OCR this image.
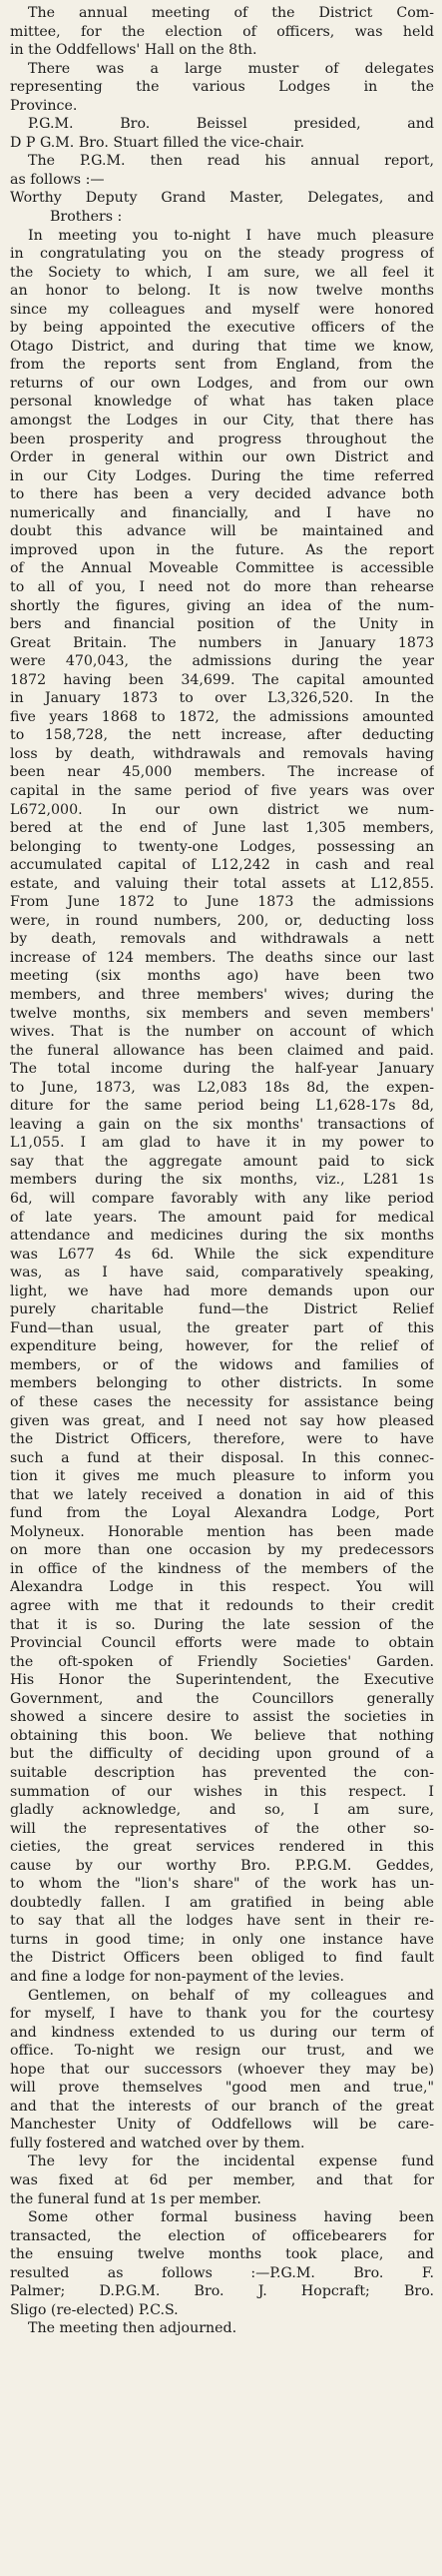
The annual meeting of the District Com-
mittee, for the election of officers, was held
in the Oddfellows' Hall on the 8th.
There was a large muster of delegates
representing the various Lodges in the
Province.
P.G.M. Bro. Beissel presided, and
D P G.M. Bro. Stuart filled the vice-chair.
The P.G.M. then read his annual report,
as follows :—
Worthy Deputy Grand Master, Delegates, and
Brothers :
In meeting you to-night I have much pleasure
in congratulating you on the steady progress of
the Society to which, I am sure, we all feel it
an honor to belong. It is now twelve months
since my colleagues and myself were honored
by being appointed the executive officers of the
Otago District, and during that time we know,
from the reports sent from England, from the
returns of our own Lodges, and from our own
personal knowledge of what has taken place
amongst the Lodges in our City, that there has
been prosperity and progress throughout the
Order in general within our own District and
in our City Lodges. During the time referred
to there has been a very decided advance both
numerically and financially, and I have no
doubt this advance will be maintained and
improved upon in the future. As the report
of the Annual Moveable Committee is accessible
to all of you, I need not do more than rehearse
shortly the figures, giving an idea of the num-
bers and financial position of the Unity in
Great Britain. The numbers in January 1873
were 470,043, the admissions during the year
1872 having been 34,699. The capital amounted
in January 1873 to over L3,326,520. In the
five years 1868 to 1872, the admissions amounted
to 158,728, the nett increase, after deducting
loss by death, withdrawals and removals having
been near 45,000 members. The increase of
capital in the same period of five years was over
L672,000. In our own district we num-
bered at the end of June last 1,305 members,
belonging to twenty-one Lodges, possessing an
accumulated capital of L12,242 in cash and real
estate, and valuing their total assets at L12,855.
From June 1872 to June 1873 the admissions
were, in round numbers, 200, or, deducting loss
by death, removals and withdrawals a nett
increase of 124 members. The deaths since our last
meeting (six months ago) have been two
members, and three members' wives; during the
twelve months, six members and seven members'
wives. That is the number on account of which
the funeral allowance has been claimed and paid.
The total income during the half-year January
to June, 1873, was L2,083 18s 8d, the expen-
diture for the same period being L1,628-17s 8d,
leaving a gain on the six months' transactions of
L1,055. I am glad to have it in my power to
say that the aggregate amount paid to sick
members during the six months, viz., L281 1s
6d, will compare favorably with any like period
of late years. The amount paid for medical
attendance and medicines during the six months
was L677 4s 6d. While the sick expenditure
was, as I have said, comparatively speaking,
light, we have had more demands upon our
purely charitable fund—the District Relief
Fund—than usual, the greater part of this
expenditure being, however, for the relief of
members, or of the widows and families of
members belonging to other districts. In some
of these cases the necessity for assistance being
given was great, and I need not say how pleased
the District Officers, therefore, were to have
such a fund at their disposal. In this connec-
tion it gives me much pleasure to inform you
that we lately received a donation in aid of this
fund from the Loyal Alexandra Lodge, Port
Molyneux. Honorable mention has been made
on more than one occasion by my predecessors
in office of the kindness of the members of the
Alexandra Lodge in this respect. You will
agree with me that it redounds to their credit
that it is so. During the late session of the
Provincial Council efforts were made to obtain
the oft-spoken of Friendly Societies' Garden.
His Honor the Superintendent, the Executive
Government, and the Councillors generally
showed a sincere desire to assist the societies in
obtaining this boon. We believe that nothing
but the difficulty of deciding upon ground of a
suitable description has prevented the con-
summation of our wishes in this respect. I
gladly acknowledge, and so, I am sure,
will the representatives of the other so-
cieties, the great services rendered in this
cause by our worthy Bro. P.P.G.M. Geddes,
to whom the "lion's share" of the work has un-
doubtedly fallen. I am gratified in being able
to say that all the lodges have sent in their re-
turns in good time; in only one instance have
the District Officers been obliged to find fault
and fine a lodge for non-payment of the levies.
Gentlemen, on behalf of my colleagues and
for myself, I have to thank you for the courtesy
and kindness extended to us during our term of
office. To-night we resign our trust, and we
hope that our successors (whoever they may be)
will prove themselves "good men and true,"
and that the interests of our branch of the great
Manchester Unity of Oddfellows will be care-
fully fostered and watched over by them.
The levy for the incidental expense fund
was fixed at 6d per member, and that for
the funeral fund at 1s per member.
Some other formal business having been
transacted, the election of officebearers for
the ensuing twelve months took place, and
resulted as follows :—P.G.M. Bro. F.
Palmer; D.P.G.M. Bro. J. Hopcraft; Bro.
Sligo (re-elected) P.C.S.
The meeting then adjourned.
